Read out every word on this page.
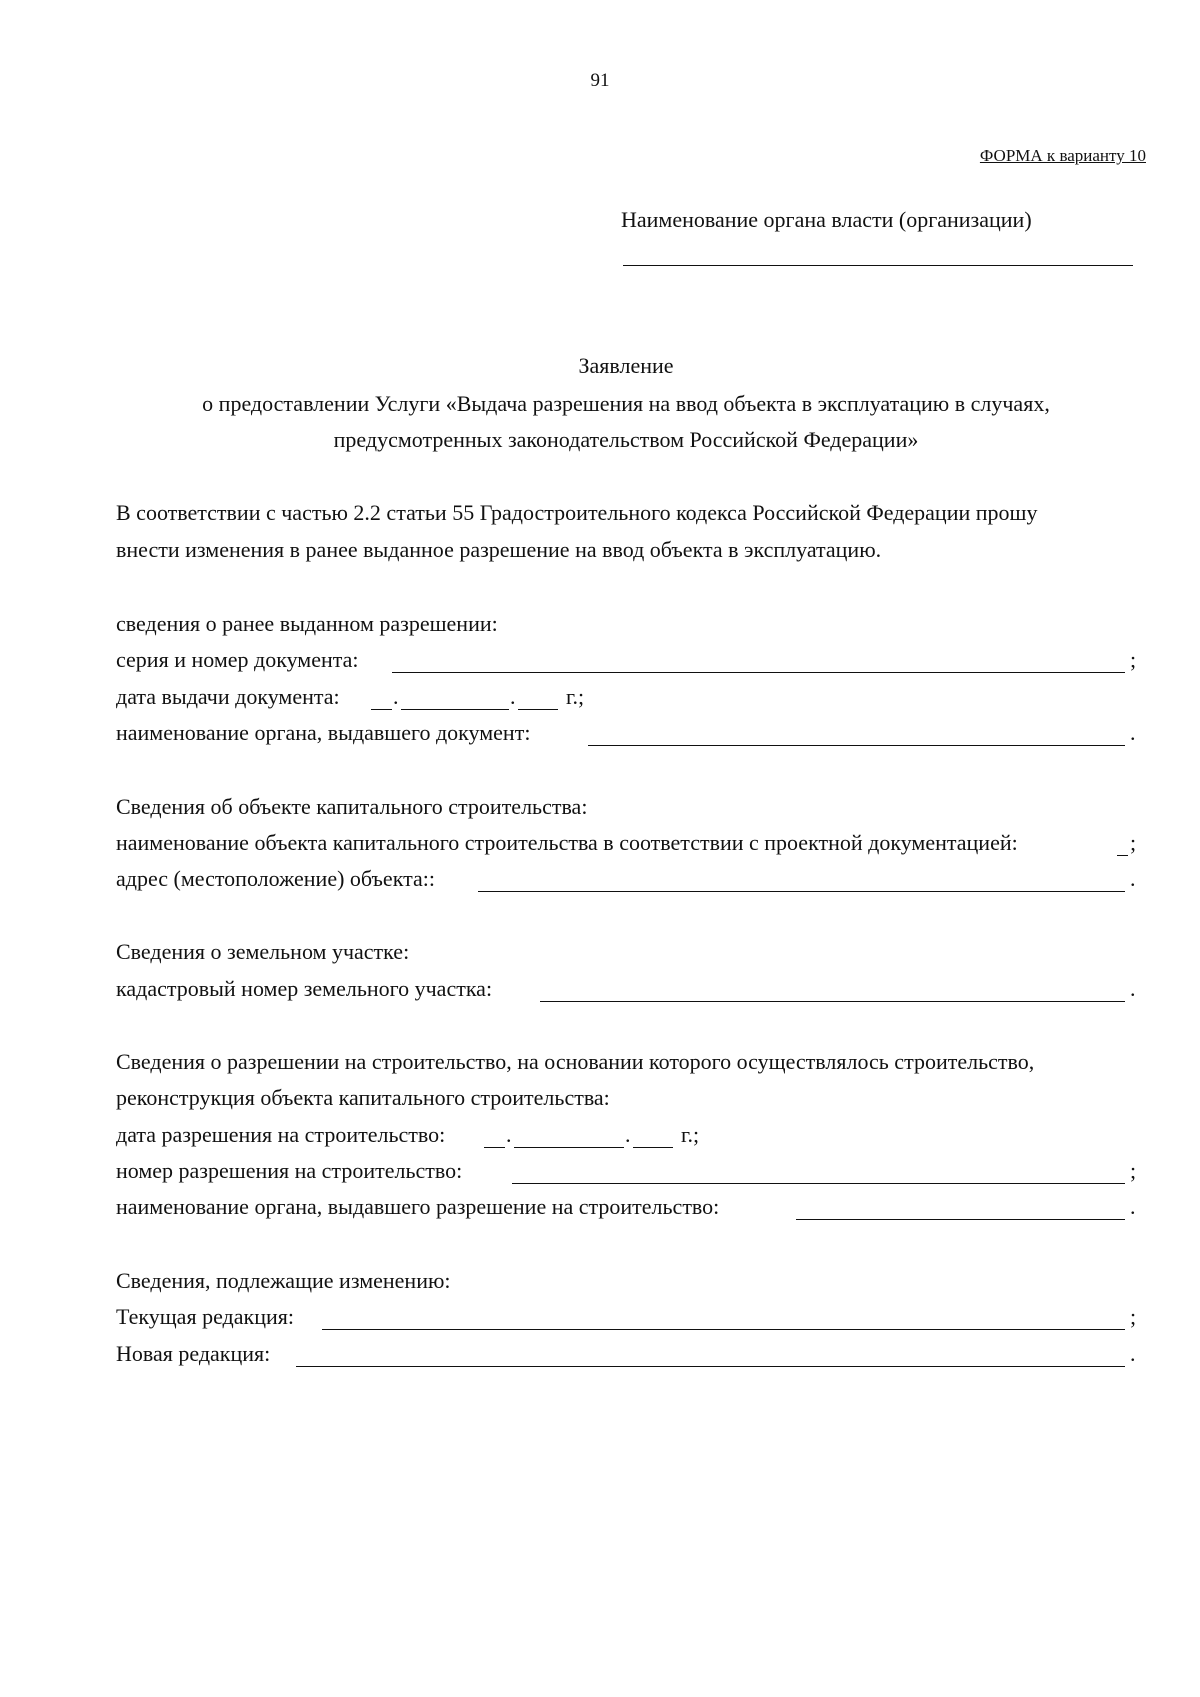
91
ФОРМА к варианту 10
Наименование органа власти (организации)
Заявление
о предоставлении Услуги «Выдача разрешения на ввод объекта в эксплуатацию в случаях,
предусмотренных законодательством Российской Федерации»
В соответствии с частью 2.2 статьи 55 Градостроительного кодекса Российской Федерации прошу
внести изменения в ранее выданное разрешение на ввод объекта в эксплуатацию.
сведения о ранее выданном разрешении:
серия и номер документа:	;
дата выдачи документа: .	. г.;
наименование органа, выдавшего документ:	.
Сведения об объекте капитального строительства:
наименование объекта капитального строительства в соответствии с проектной документацией:	;
адрес (местоположение) объекта::	.
Сведения о земельном участке:
кадастровый номер земельного участка:	.
Сведения о разрешении на строительство, на основании которого осуществлялось строительство,
реконструкция объекта капитального строительства:
дата разрешения на строительство:	.	. г.;
номер разрешения на строительство:	;
наименование органа, выдавшего разрешение на строительство:	.
Сведения, подлежащие изменению:
Текущая редакция:	;
Новая редакция:	.
